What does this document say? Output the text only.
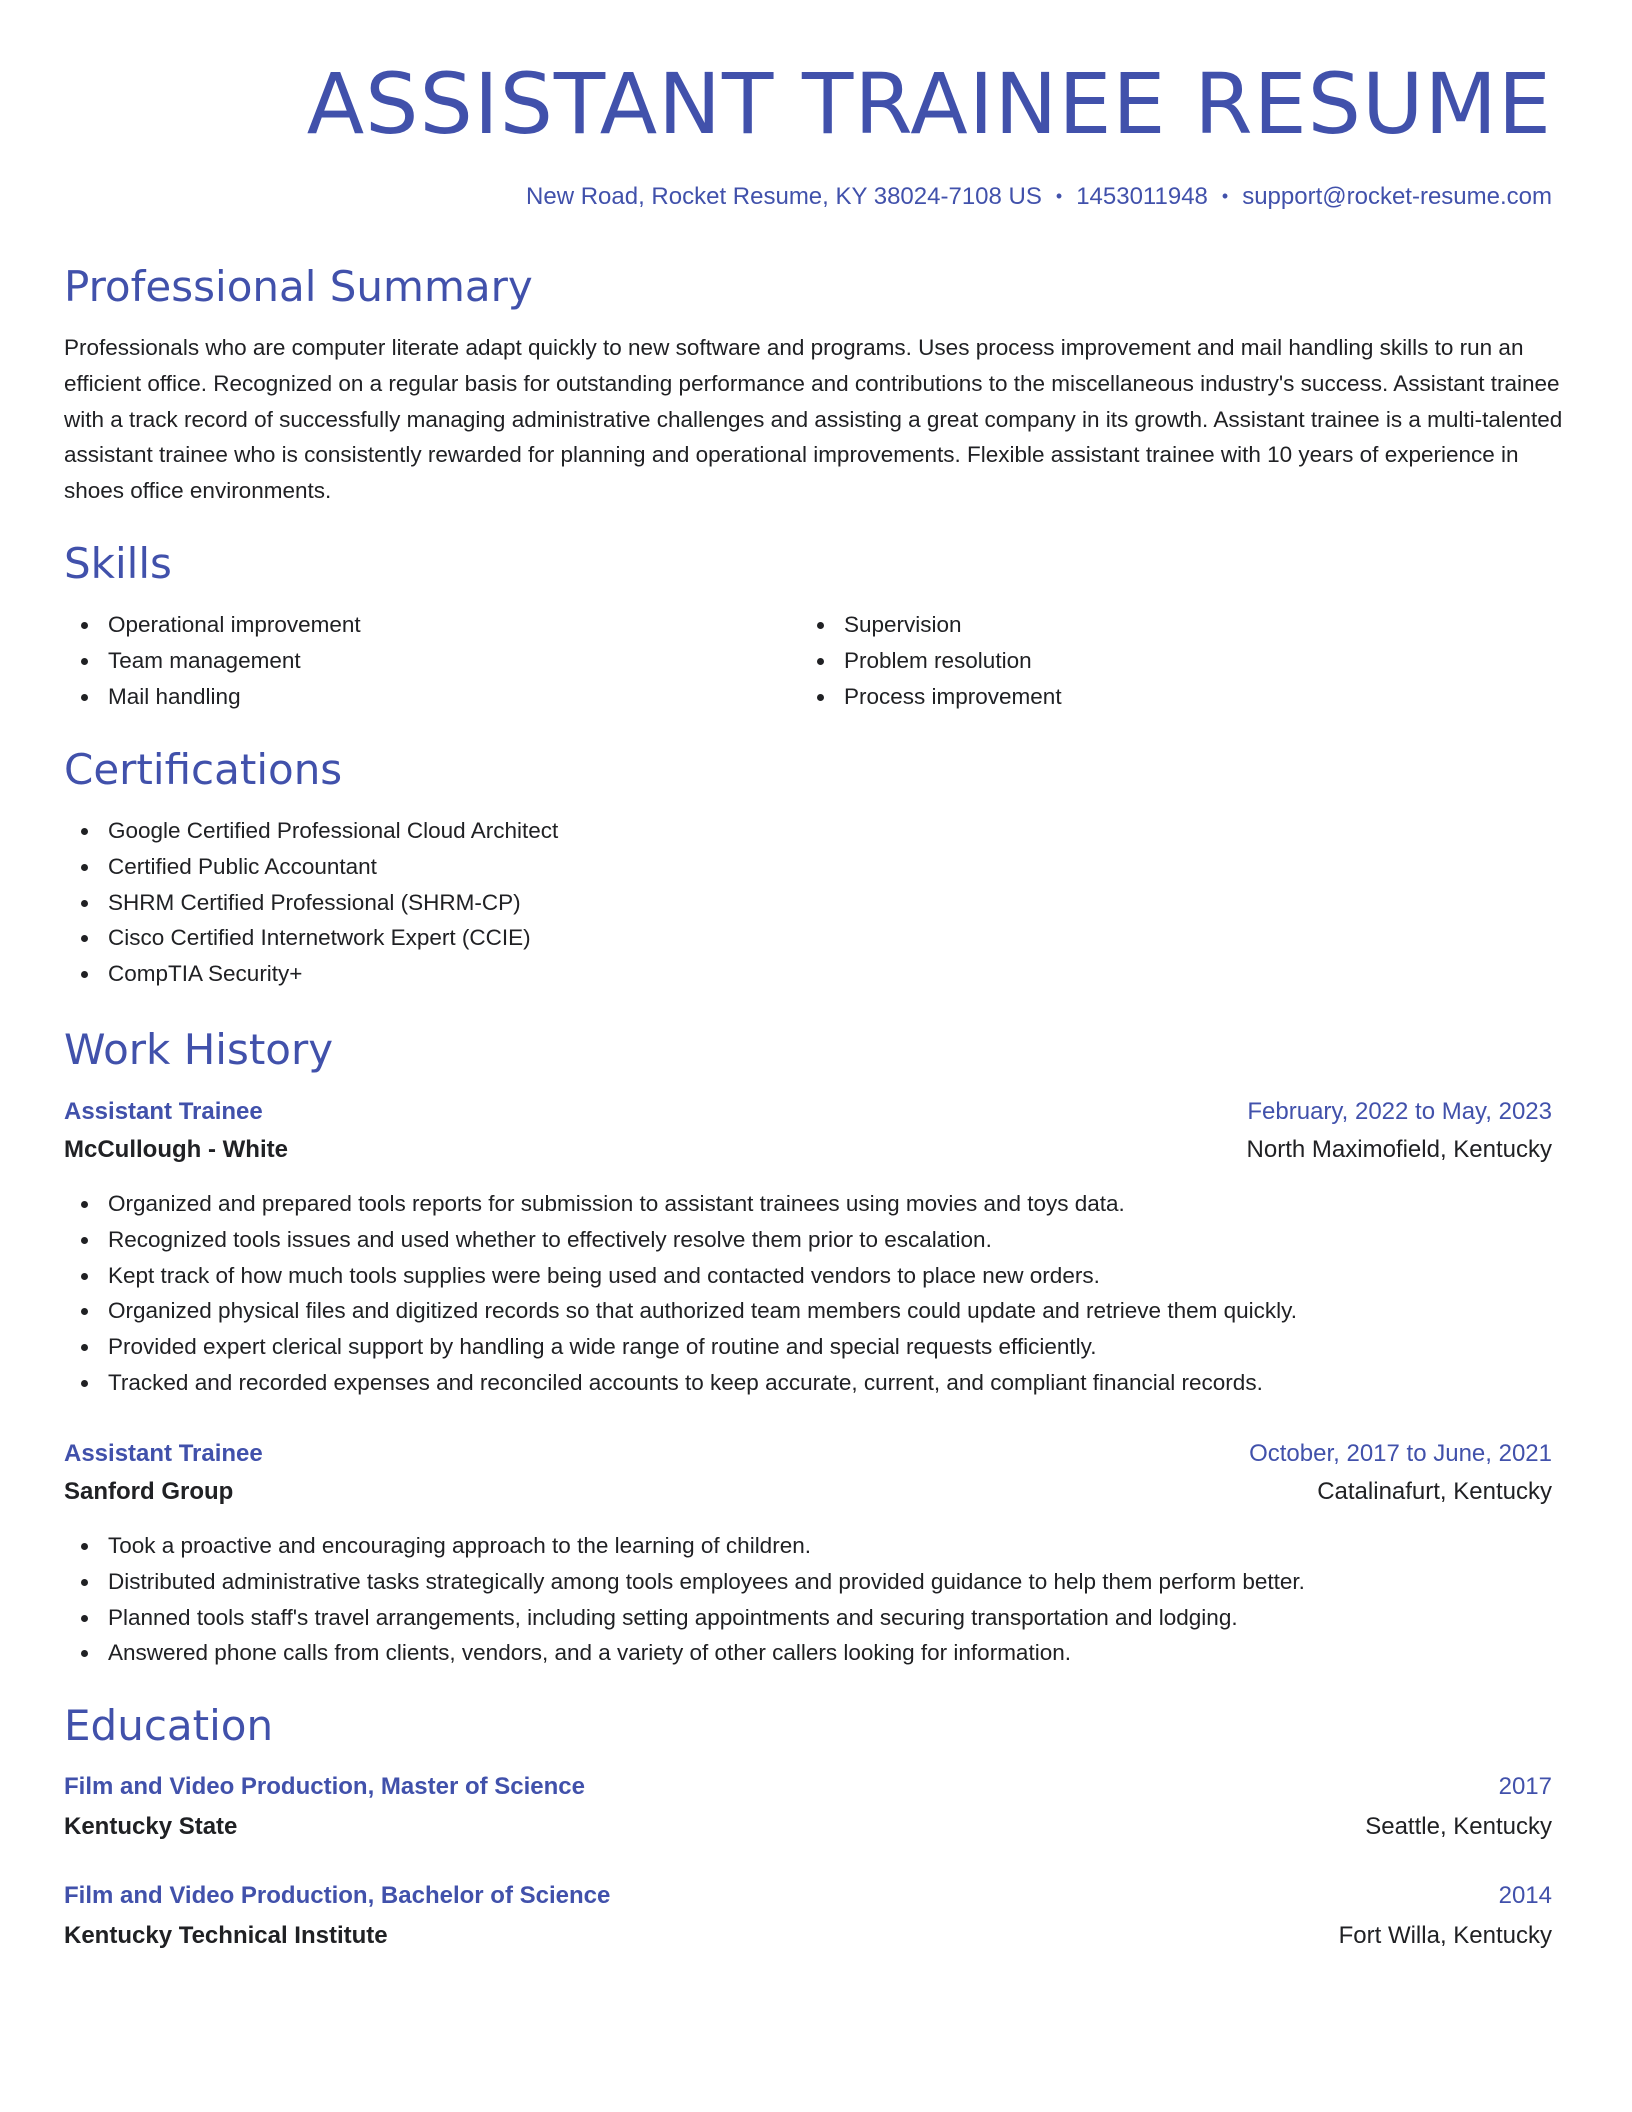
ASSISTANT TRAINEE RESUME
New Road, Rocket Resume, KY 38024-7108 US • 1453011948 • support@rocket-resume.com
Professional Summary

Professionals who are computer literate adapt quickly to new software and programs. Uses process improvement and mail handling skills to run an efficient office. Recognized on a regular basis for outstanding performance and contributions to the miscellaneous industry's success. Assistant trainee with a track record of successfully managing administrative challenges and assisting a great company in its growth. Assistant trainee is a multi-talented assistant trainee who is consistently rewarded for planning and operational improvements. Flexible assistant trainee with 10 years of experience in shoes office environments.

Skills
Operational improvement
Team management
Mail handling
Supervision
Problem resolution
Process improvement
Certifications
Google Certified Professional Cloud Architect
Certified Public Accountant
SHRM Certified Professional (SHRM-CP)
Cisco Certified Internetwork Expert (CCIE)
CompTIA Security+
Work History
Assistant Trainee	February, 2022 to May, 2023
McCullough - White	North Maximofield, Kentucky
Organized and prepared tools reports for submission to assistant trainees using movies and toys data.
Recognized tools issues and used whether to effectively resolve them prior to escalation.
Kept track of how much tools supplies were being used and contacted vendors to place new orders.
Organized physical files and digitized records so that authorized team members could update and retrieve them quickly.
Provided expert clerical support by handling a wide range of routine and special requests efficiently.
Tracked and recorded expenses and reconciled accounts to keep accurate, current, and compliant financial records.
Assistant Trainee	October, 2017 to June, 2021
Sanford Group	Catalinafurt, Kentucky
Took a proactive and encouraging approach to the learning of children.
Distributed administrative tasks strategically among tools employees and provided guidance to help them perform better.
Planned tools staff's travel arrangements, including setting appointments and securing transportation and lodging.
Answered phone calls from clients, vendors, and a variety of other callers looking for information.
Education
Film and Video Production, Master of Science	2017
Kentucky State	Seattle, Kentucky
Film and Video Production, Bachelor of Science	2014
Kentucky Technical Institute	Fort Willa, Kentucky
